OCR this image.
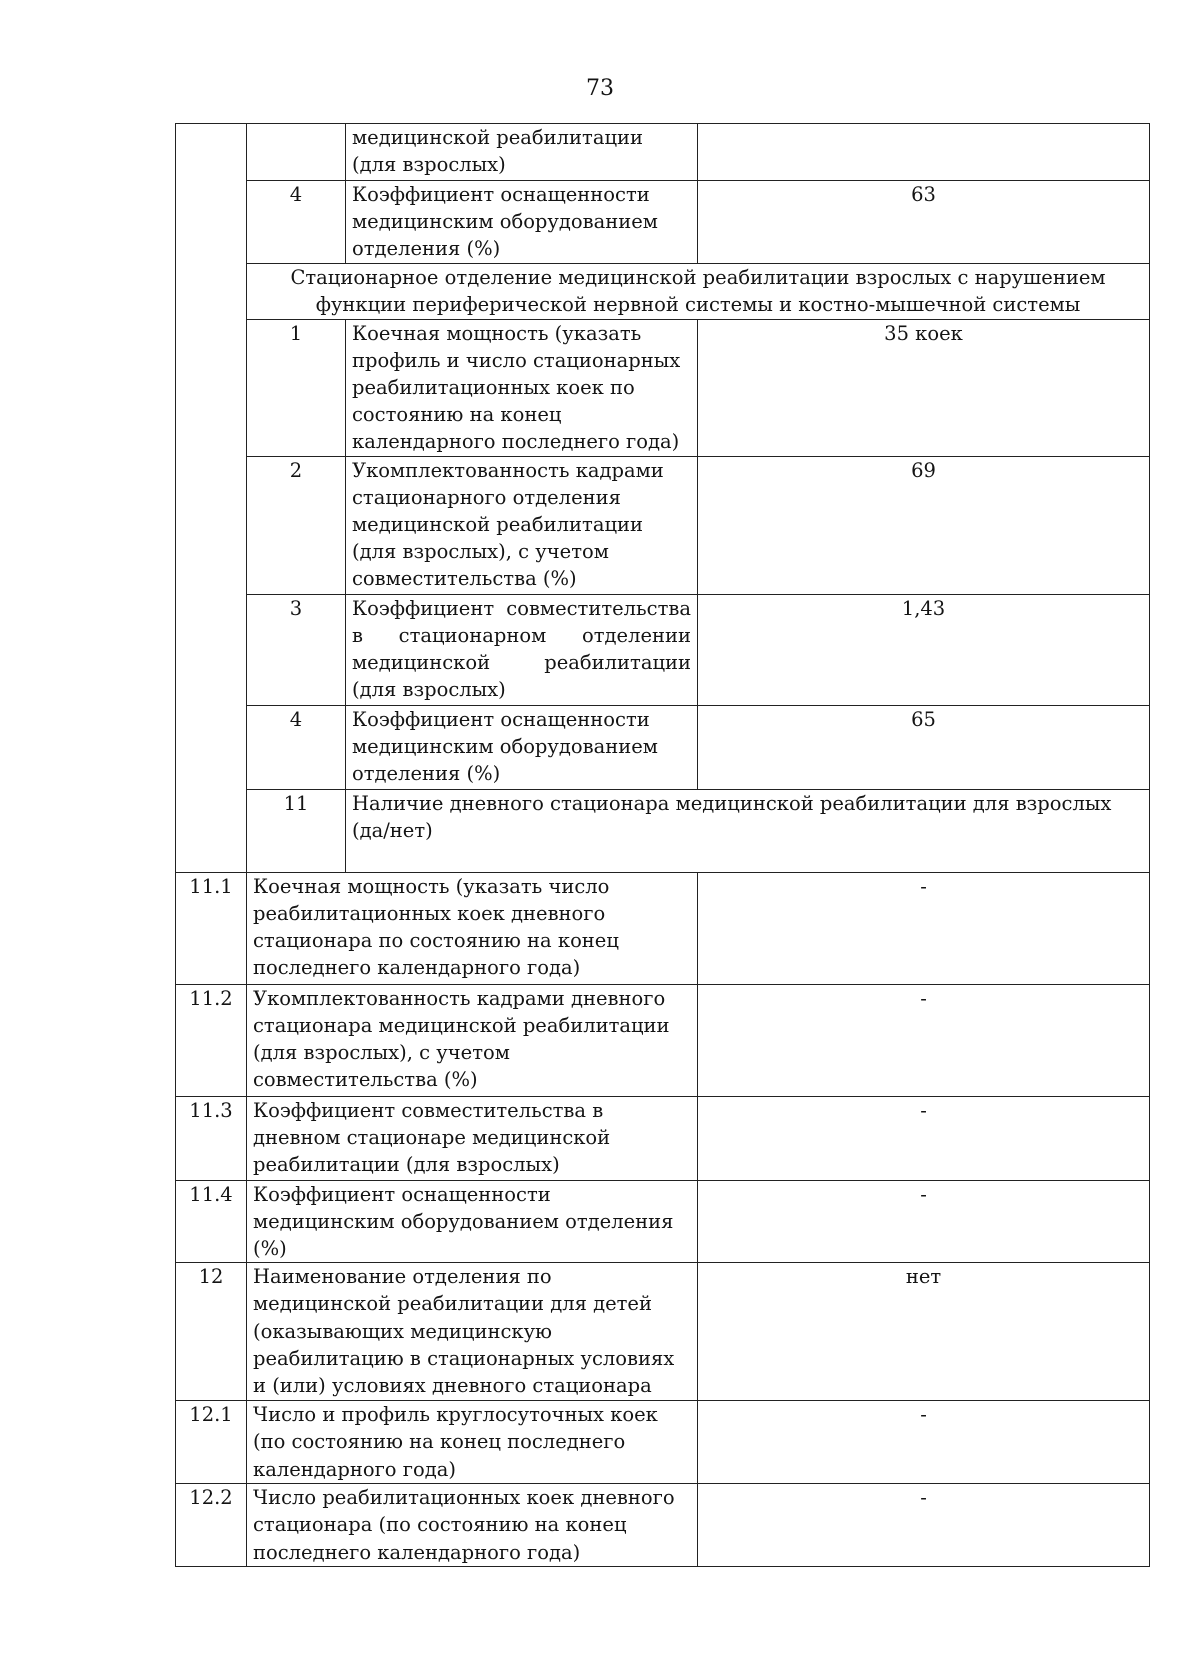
73
		медицинской реабилитации (для взрослых)		
	4	Коэффициент оснащенности медицинским оборудованием отделения (%)	63	
	Стационарное отделение медицинской реабилитации взрослых с нарушением функции периферической нервной системы и костно-мышечной системы			
	1	Коечная мощность (указать профиль и число стационарных реабилитационных коек по состоянию на конец календарного последнего года)	35 коек	
	2	Укомплектованность кадрами стационарного отделения медицинской реабилитации (для взрослых), с учетом совместительства (%)	69	
	3	Коэффициент совместительства в стационарном отделении медицинской реабилитации (для взрослых)	1,43	
	4	Коэффициент оснащенности медицинским оборудованием отделения (%)	65	
	11	Наличие дневного стационара медицинской реабилитации для взрослых (да/нет)	
11.1	Коечная мощность (указать число реабилитационных коек дневного стационара по состоянию на конец последнего календарного года)		-	
11.2	Укомплектованность кадрами дневного стационара медицинской реабилитации (для взрослых), с учетом совместительства (%)		-	
11.3	Коэффициент совместительства в дневном стационаре медицинской реабилитации (для взрослых)		-	
11.4	Коэффициент оснащенности медицинским оборудованием отделения (%)		-	
12	Наименование отделения по медицинской реабилитации для детей (оказывающих медицинскую реабилитацию в стационарных условиях и (или) условиях дневного стационара		нет	
12.1	Число и профиль круглосуточных коек (по состоянию на конец последнего календарного года)		-	
12.2	Число реабилитационных коек дневного стационара (по состоянию на конец последнего календарного года)		-	
